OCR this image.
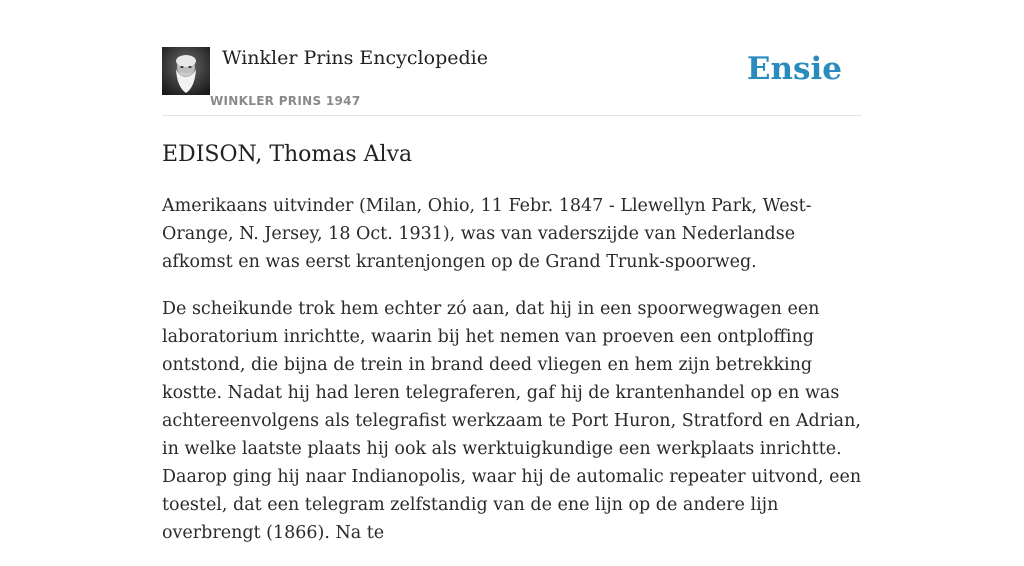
Winkler Prins Encyclopedie
WINKLER PRINS 1947
Ensie
EDISON, Thomas Alva

Amerikaans uitvinder (Milan, Ohio, 11 Febr. 1847 - Llewellyn Park, West-Orange, N. Jersey, 18 Oct. 1931), was van vaderszijde van Nederlandse afkomst en was eerst krantenjongen op de Grand Trunk-spoorweg.

De scheikunde trok hem echter zó aan, dat hij in een spoorwegwagen een laboratorium inrichtte, waarin bij het nemen van proeven een ontploffing ontstond, die bijna de trein in brand deed vliegen en hem zijn betrekking kostte. Nadat hij had leren telegraferen, gaf hij de krantenhandel op en was achtereenvolgens als telegrafist werkzaam te Port Huron, Stratford en Adrian, in welke laatste plaats hij ook als werktuigkundige een werkplaats inrichtte. Daarop ging hij naar Indianopolis, waar hij de automalic repeater uitvond, een toestel, dat een telegram zelfstandig van de ene lijn op de andere lijn overbrengt (1866). Na te
